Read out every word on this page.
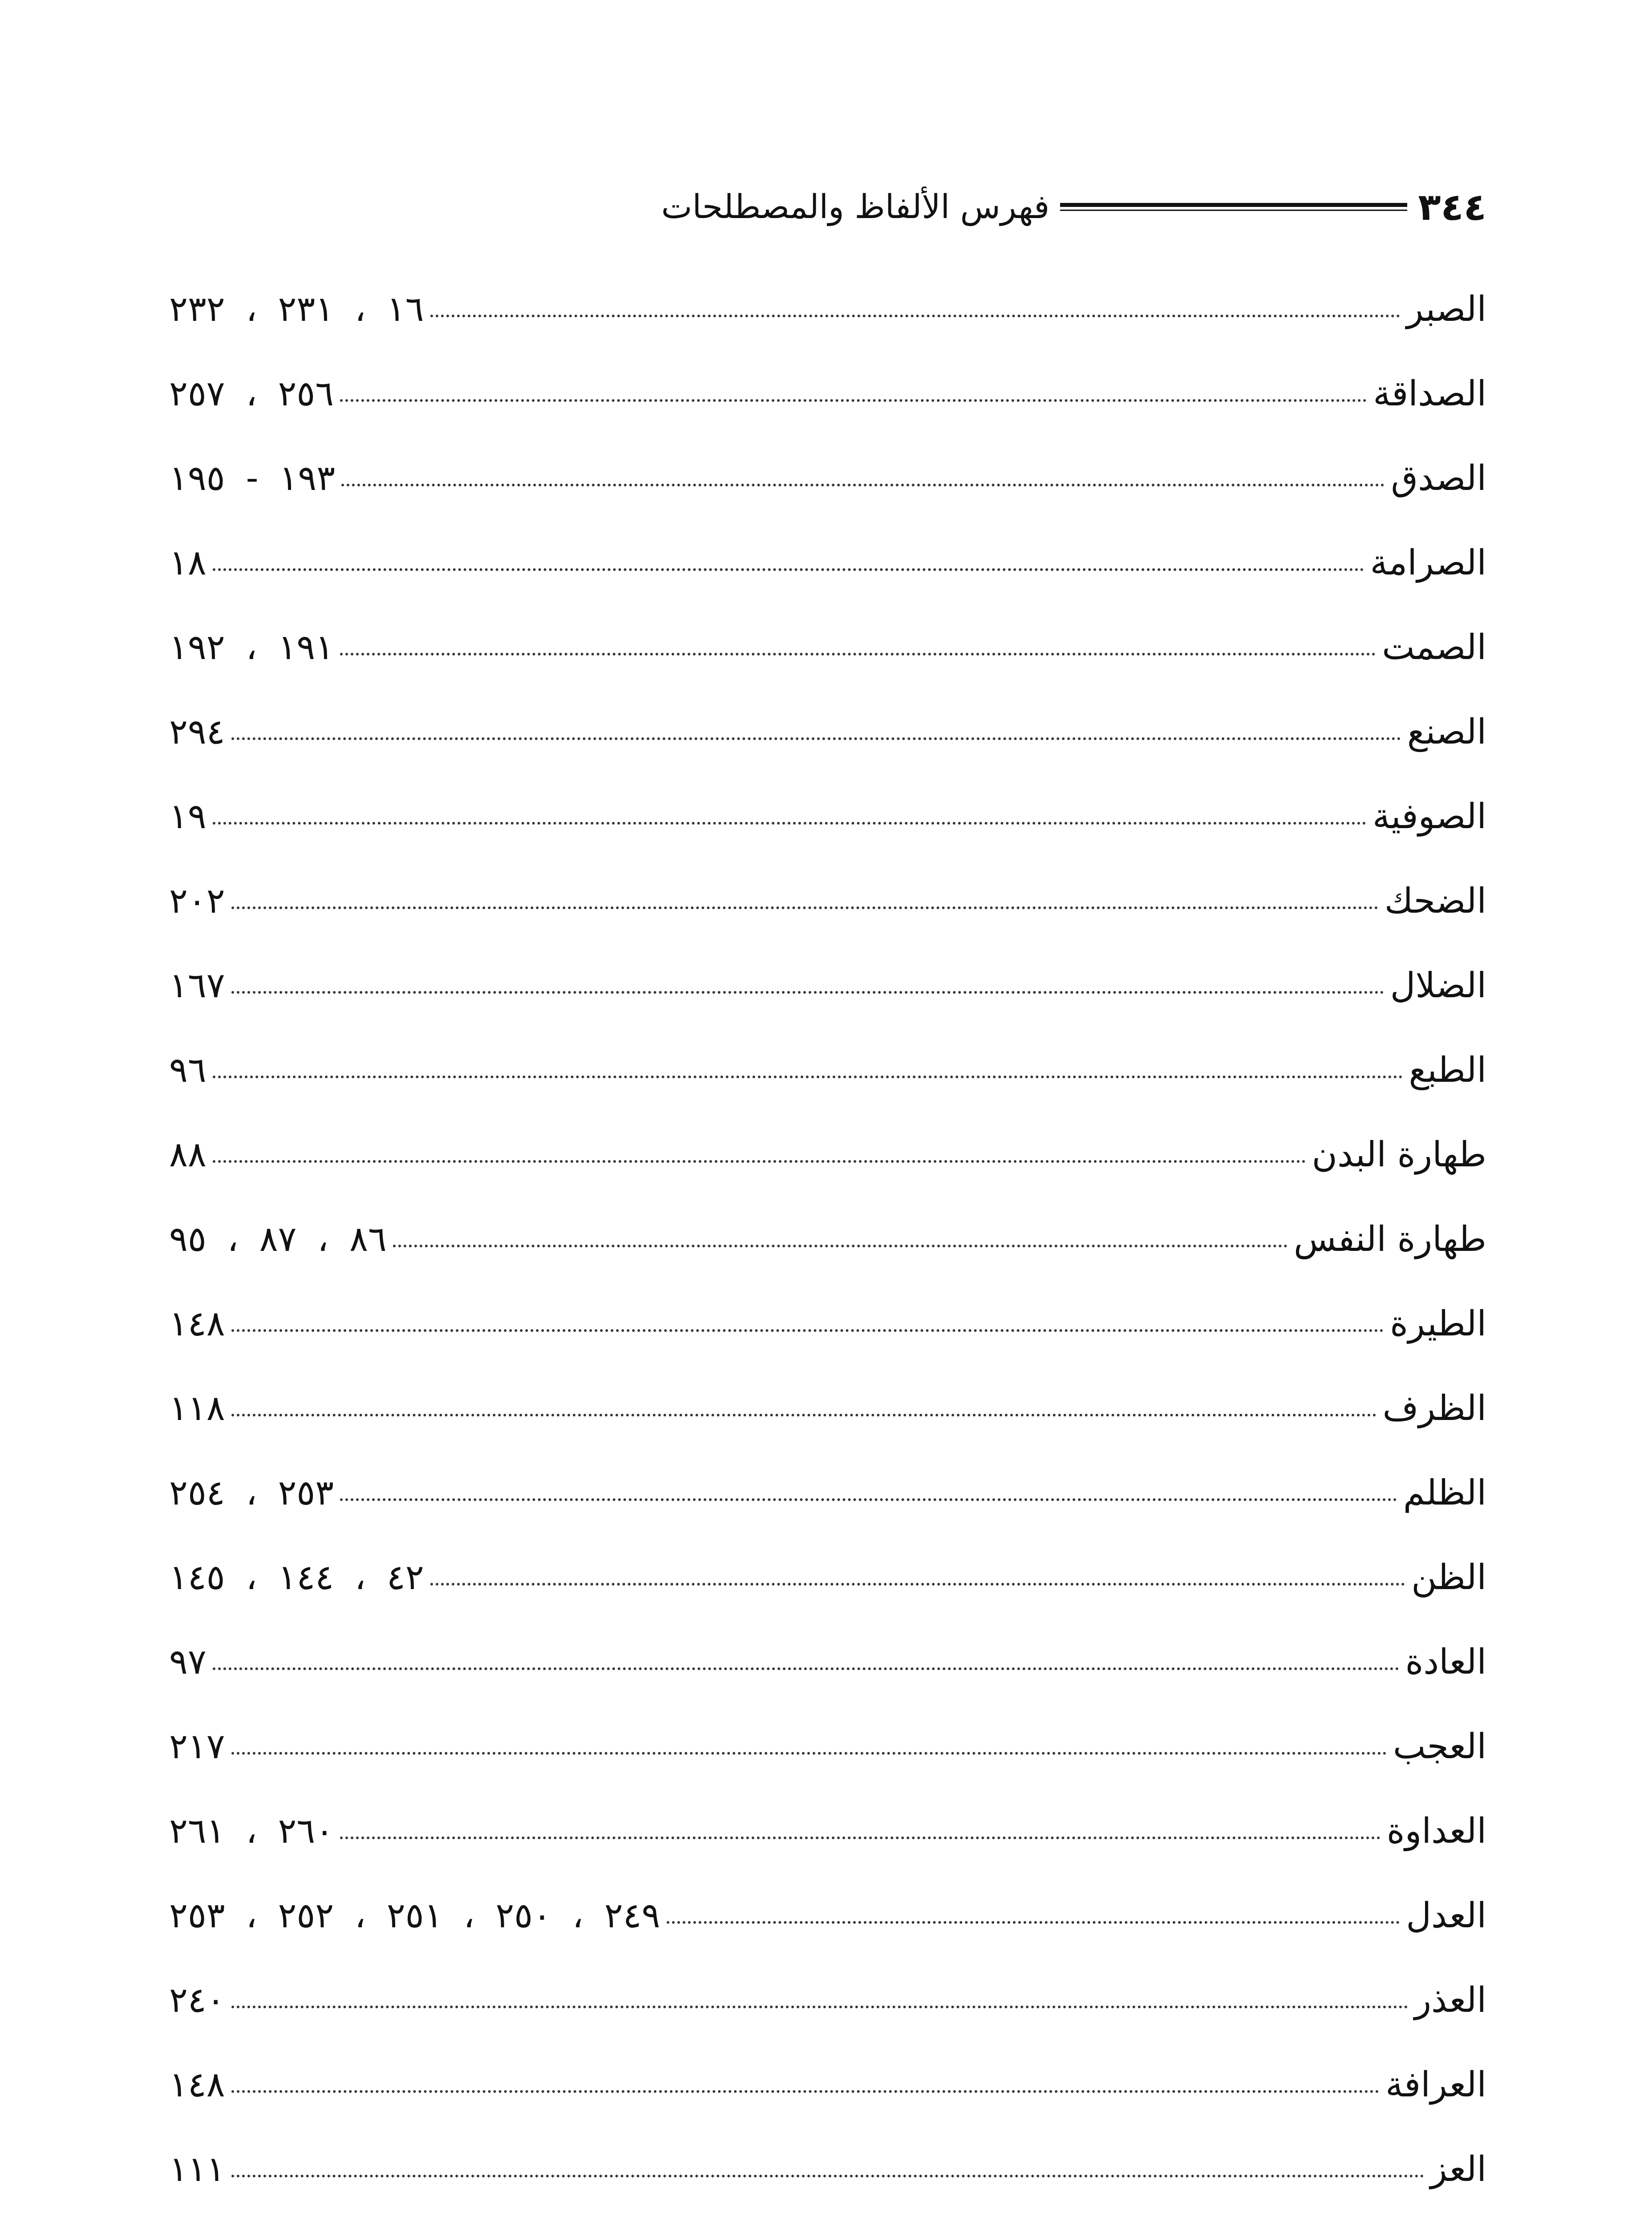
٣٤٤
فهرس الألفاظ والمصطلحات
الصبر
١٦ ، ٢٣١ ، ٢٣٢
الصداقة
٢٥٦ ، ٢٥٧
الصدق
١٩٣ - ١٩٥
الصرامة
١٨
الصمت
١٩١ ، ١٩٢
الصنع
٢٩٤
الصوفية
١٩
الضحك
٢٠٢
الضلال
١٦٧
الطبع
٩٦
طهارة البدن
٨٨
طهارة النفس
٨٦ ، ٨٧ ، ٩٥
الطيرة
١٤٨
الظرف
١١٨
الظلم
٢٥٣ ، ٢٥٤
الظن
٤٢ ، ١٤٤ ، ١٤٥
العادة
٩٧
العجب
٢١٧
العداوة
٢٦٠ ، ٢٦١
العدل
٢٤٩ ، ٢٥٠ ، ٢٥١ ، ٢٥٢ ، ٢٥٣
العذر
٢٤٠
العرافة
١٤٨
العز
١١١
